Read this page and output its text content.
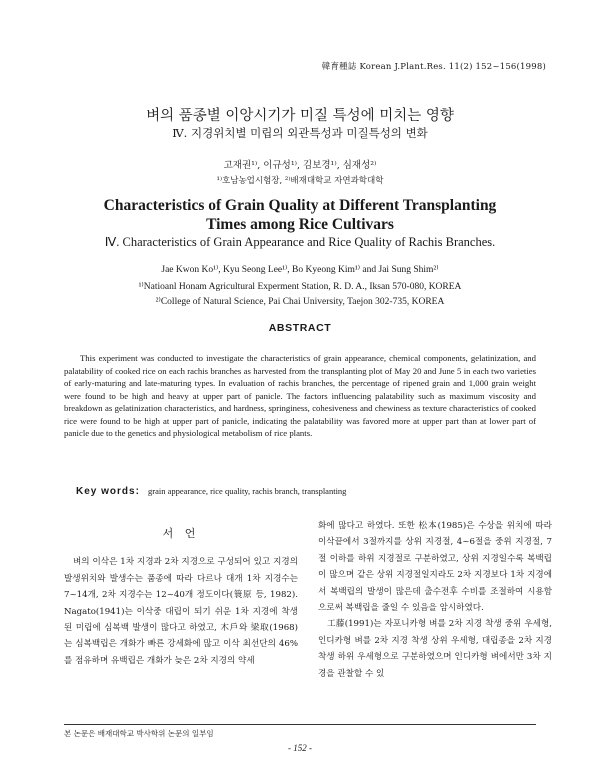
韓育種誌 Korean J.Plant.Res. 11(2) 152~156(1998)
벼의 품종별 이앙시기가 미질 특성에 미치는 영향
Ⅳ. 지경위치별 미립의 외관특성과 미질특성의 변화
고재권¹⁾, 이규성¹⁾, 김보경¹⁾, 심재성²⁾
¹⁾호남농업시험장, ²⁾배재대학교 자연과학대학
Characteristics of Grain Quality at Different Transplanting
Times among Rice Cultivars
Ⅳ. Characteristics of Grain Appearance and Rice Quality of Rachis Branches.
Jae Kwon Ko¹⁾, Kyu Seong Lee¹⁾, Bo Kyeong Kim¹⁾ and Jai Sung Shim²⁾
¹⁾Natioanl Honam Agricultural Experment Station, R. D. A., Iksan 570-080, KOREA
²⁾College of Natural Science, Pai Chai University, Taejon 302-735, KOREA
ABSTRACT

This experiment was conducted to investigate the characteristics of grain appearance, chemical components, gelatinization, and palatability of cooked rice on each rachis branches as harvested from the transplanting plot of May 20 and June 5 in each two varieties of early-maturing and late-maturing types. In evaluation of rachis branches, the percentage of ripened grain and 1,000 grain weight were found to be high and heavy at upper part of panicle. The factors influencing palatability such as maximum viscosity and breakdown as gelatinization characteristics, and hardness, springiness, cohesiveness and chewiness as texture characteristics of cooked rice were found to be high at upper part of panicle, indicating the palatability was favored more at upper part than at lower part of panicle due to the genetics and physiological metabolism of rice plants.

Key words: grain appearance, rice quality, rachis branch, transplanting
서 언

벼의 이삭은 1차 지경과 2차 지경으로 구성되어 있고 지경의 발생위치와 발생수는 품종에 따라 다르나 대개 1차 지경수는 7~14개, 2차 지경수는 12~40개 정도이다(簑原 등, 1982). Nagato(1941)는 이삭중 대립이 되기 쉬운 1차 지경에 착생된 미립에 심복백 발생이 많다고 하였고, 木戶와 梁取(1968)는 심복백립은 개화가 빠른 강세화에 많고 이삭 최선단의 46%를 점유하며 유백립은 개화가 늦은 2차 지경의 약세

화에 많다고 하였다. 또한 松本(1985)은 수상을 위치에 따라 이삭끝에서 3절까지를 상위 지경절, 4~6절을 중위 지경절, 7절 이하를 하위 지경절로 구분하였고, 상위 지경일수록 복백립이 많으며 같은 상위 지경절일지라도 2차 지경보다 1차 지경에서 복백립의 발생이 많은데 출수전후 수비를 조절하여 시용함으로써 복백립을 줄일 수 있음을 암시하였다.

工藤(1991)는 자포니카형 벼를 2차 지경 착생 중위 우세형, 인디카형 벼를 2차 지경 착생 상위 우세형, 대립종을 2차 지경 착생 하위 우세형으로 구분하였으며 인디카형 벼에서만 3차 지경을 관찰할 수 있

본 논문은 배재대학교 박사학위 논문의 일부임
- 152 -
